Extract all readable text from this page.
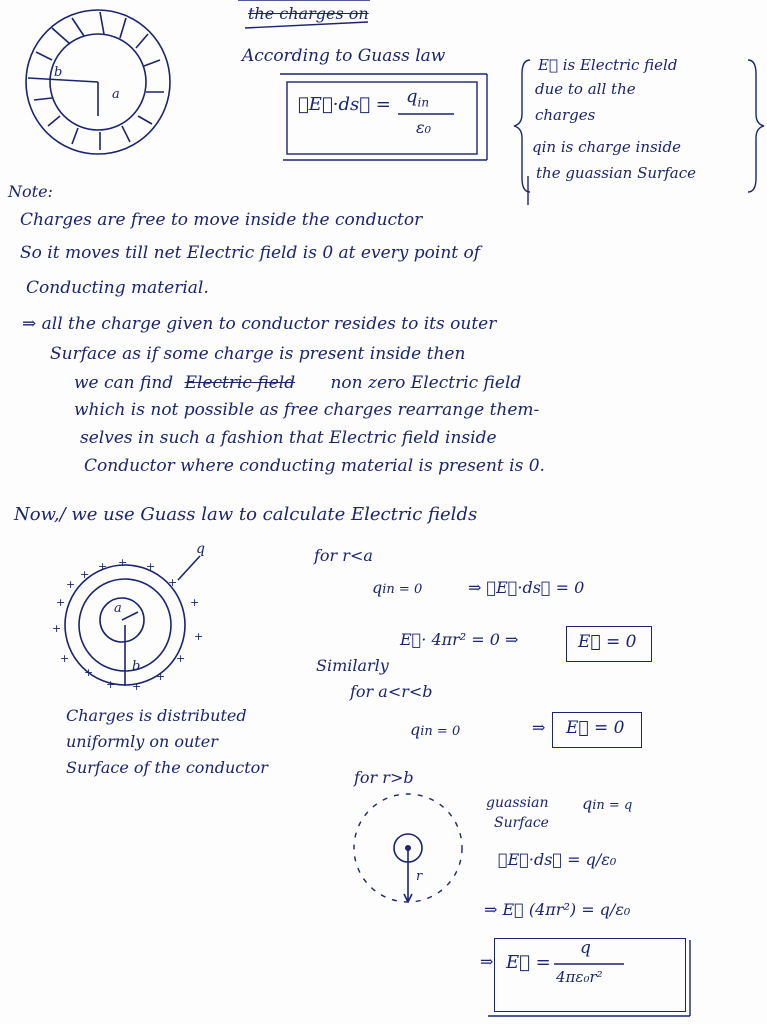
b
a
the charges on
According to Guass law
∮E⃗·ds⃗ = $q_{in}$
ε₀
E⃗ is Electric field
due to all the
charges
qin is charge inside
the guassian Surface
Note:
Charges are free to move inside the conductor
So it moves till net Electric field is 0 at every point of
Conducting material.
⇒ all the charge given to conductor resides to its outer
Surface as if some charge is present inside then
we can find Electric field non zero Electric field
which is not possible as free charges rearrange them-
selves in such a fashion that Electric field inside
Conductor where conducting material is present is 0.
Now,/ we use Guass law to calculate Electric fields
+
+ + +
+
+
+
+
+
+
+
+
+
+
+
+
a
b
q
Charges is distributed
uniformly on outer
Surface of the conductor
for r<a
qin = 0	⇒ ∮E⃗·ds⃗ = 0
E⃗· 4πr² = 0 ⇒	E⃗ = 0
Similarly
for a<r<b
qin = 0	⇒ E⃗ = 0
for r>b
r
guassian
Surface
qin = q
∮E⃗·ds⃗ = q/ε₀
⇒ E⃗ (4πr²) = q/ε₀
⇒ E⃗ =
q
4πε₀r²
